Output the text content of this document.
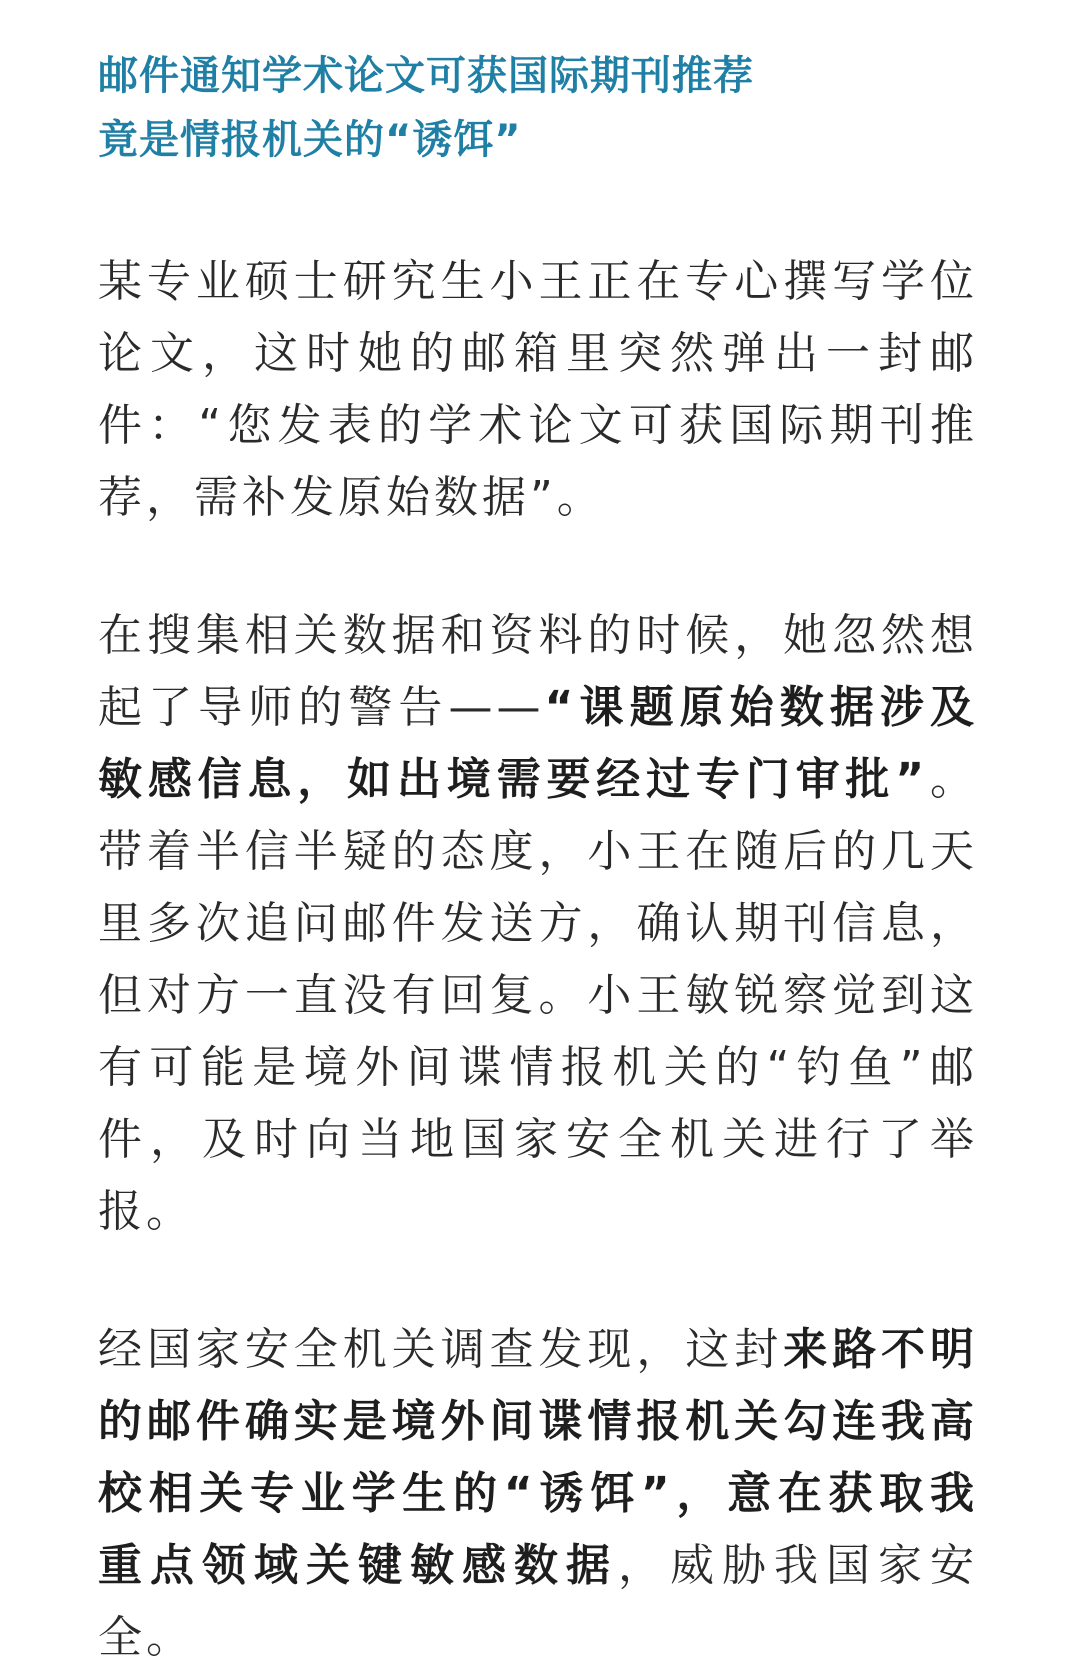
邮件通知学术论文可获国际期刊推荐
竟是情报机关的“诱饵”

某专业硕士研究生小王正在专心撰写学位论文，这时她的邮箱里突然弹出一封邮件：“您发表的学术论文可获国际期刊推荐，需补发原始数据”。

在搜集相关数据和资料的时候，她忽然想起了导师的警告——“课题原始数据涉及敏感信息，如出境需要经过专门审批”。带着半信半疑的态度，小王在随后的几天里多次追问邮件发送方，确认期刊信息，但对方一直没有回复。小王敏锐察觉到这有可能是境外间谍情报机关的“钓鱼”邮件，及时向当地国家安全机关进行了举报。

经国家安全机关调查发现，这封来路不明的邮件确实是境外间谍情报机关勾连我高校相关专业学生的“诱饵”，意在获取我重点领域关键敏感数据，威胁我国家安全。
